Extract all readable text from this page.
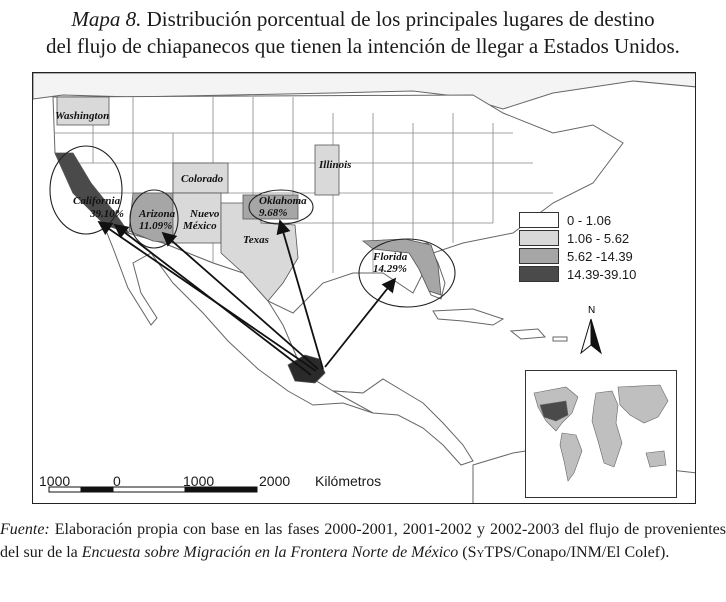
Mapa 8. Distribución porcentual de los principales lugares de destino
del flujo de chiapanecos que tienen la intención de llegar a Estados Unidos.
Washington
Colorado
Illinois
California
39.10% Arizona
11.09%
Nuevo
México
Texas
Oklahoma
9.68%
Florida
14.29%
N
0 - 1.06
1.06 - 5.62
5.62 -14.39
14.39-39.10
1000	0	1000	2000 Kilómetros
Fuente: Elaboración propia con base en las fases 2000-2001, 2001-2002 y 2002-2003 del flujo de provenientes del sur de la Encuesta sobre Migración en la Frontera Norte de México (SyTPS/Conapo/INM/El Colef).
